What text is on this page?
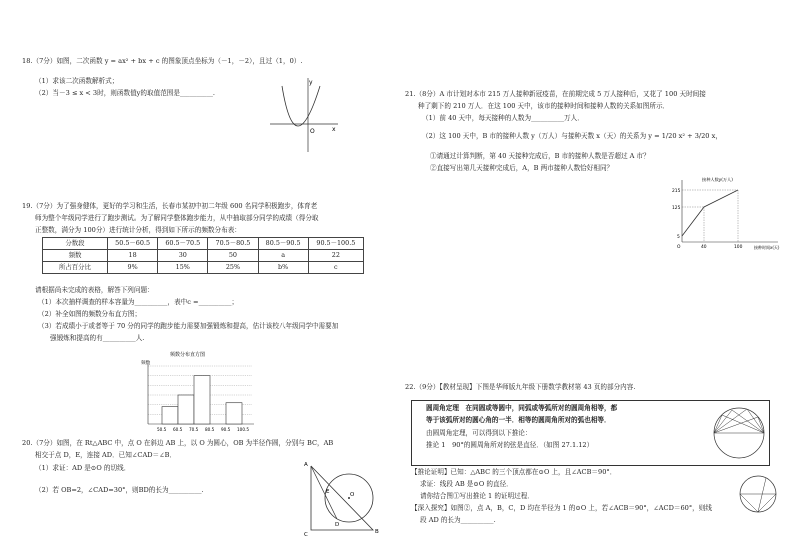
18.（7分）如图，二次函数 y = ax² + bx + c 的图象顶点坐标为（－1，－2），且过（1，0）.
（1）求该二次函数解析式；
（2）当－3 ≤ x < 3时，则函数值y的取值范围是__________.
y
x
O
19.（7分）为了强身健体，更好的学习和生活，长春市某初中初二年级 600 名同学积极跑步，体育老
师为整个年级同学进行了跑步测试。为了解同学整体跑步能力，从中抽取部分同学的成绩（得分取
正整数，满分为 100分）进行统计分析，得到如下所示的频数分布表：
分数段	50.5－60.5	60.5－70.5	70.5－80.5	80.5－90.5	90.5－100.5
频数	18	30	50	a	22
所占百分比	9%	15%	25%	b%	c
请根据尚未完成的表格，解答下列问题：
（1）本次抽样调查的样本容量为__________，表中c =__________；
（2）补全如图的频数分布直方图；
（3）若成绩小于或者等于 70 分的同学的跑步能力需要加强锻炼和提高，估计该校八年级同学中需要加
强锻炼和提高的有__________人.
频数分布直方图
频数
50.5 60.5 70.5 80.5 90.5 100.5
20.（7分）如图，在 Rt△ABC 中，点 O 在斜边 AB 上，以 O 为圆心，OB 为半径作圆，分别与 BC，AB
相交于点 D，E，连接 AD．已知∠CAD＝∠B．
（1）求证：AD 是⊙O 的切线．
（2）若 OB=2，∠CAD=30°，则BD的长为__________.
A
B
C
D
O
E
21.（8分）A 市计划对本市 215 万人接种新冠疫苗，在前期完成 5 万人接种后，又花了 100 天时间接
种了剩下的 210 万人．在这 100 天中，该市的接种时间和接种人数的关系如图所示．
（1）前 40 天中，每天接种的人数为__________万人．
（2）这 100 天中，B 市的接种人数 y（万人）与接种天数 x（天）的关系为 y = 1/20 x² + 3/20 x，
①请通过计算判断，第 40 天接种完成后，B 市的接种人数是否超过 A 市？
②直接写出第几天接种完成后，A，B 两市接种人数恰好相同？
接种人数y(万人)
接种时间x(天)
215
125
5
40	100
O
22.（9分）【教材呈现】下图是华师版九年级下册数学教材第 43 页的部分内容.
圆周角定理　在同圆或等圆中，同弧或等弧所对的圆周角相等，都
等于该弧所对的圆心角的一半．相等的圆周角所对的弧也相等．
由圆周角定理，可以得到以下推论：
推论 1　90°的圆周角所对的弦是直径．（如图 27.1.12）
【推论证明】已知：△ABC 的三个顶点都在⊙O 上，且∠ACB＝90°．
求证：线段 AB 是⊙O 的直径．
请你结合图①写出推论 1 的证明过程．
【深入探究】如图②，点 A，B，C，D 均在半径为 1 的⊙O 上，若∠ACB＝90°，∠ACD＝60°，则线
段 AD 的长为__________.
